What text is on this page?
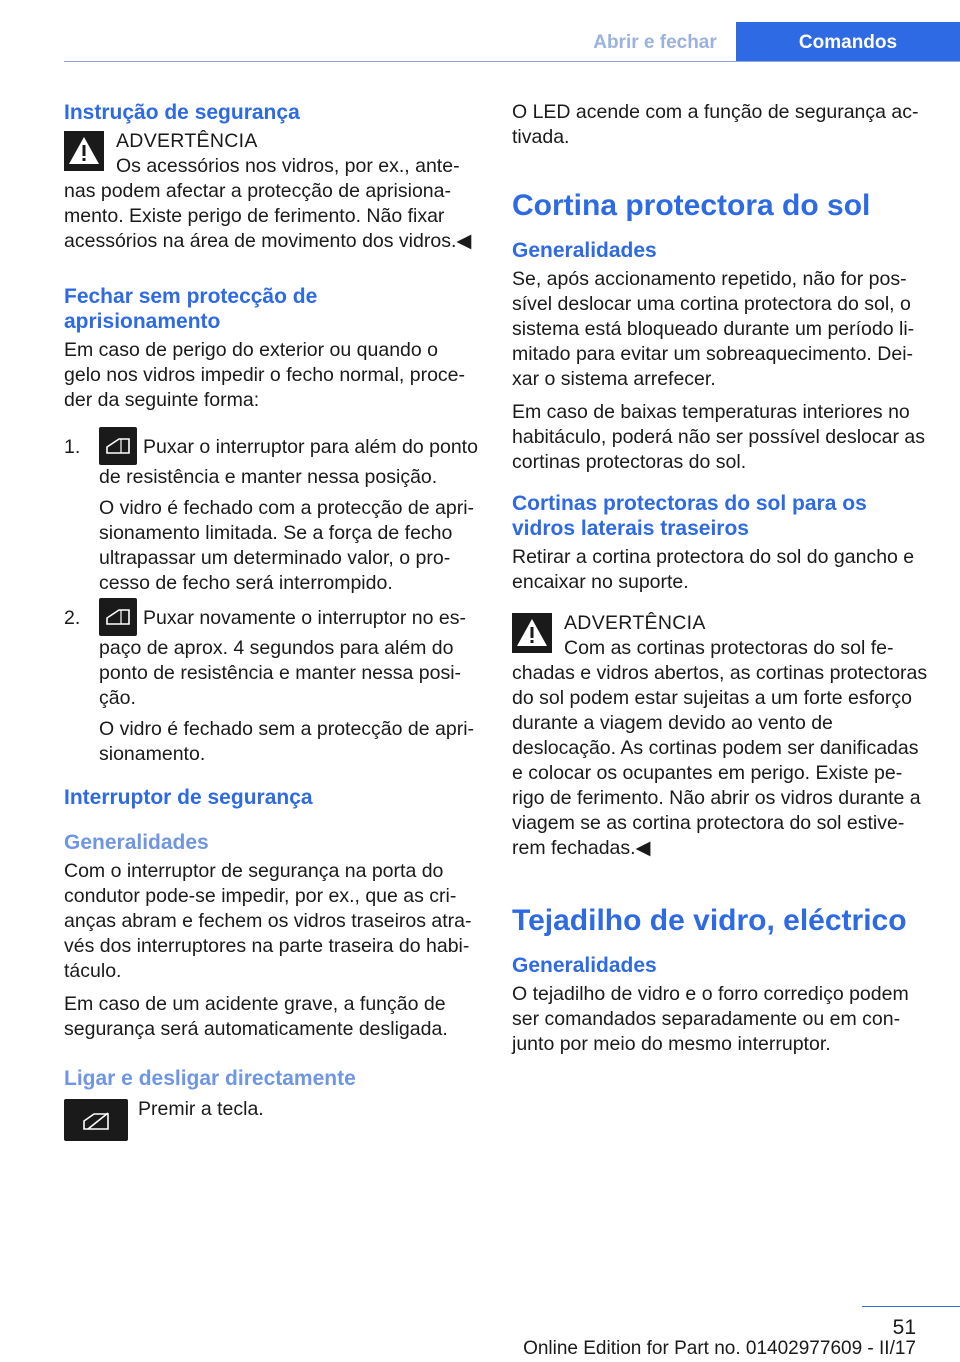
Abrir e fechar	Comandos
Instrução de segurança

ADVERTÊNCIA

Os acessórios nos vidros, por ex., antenas podem afectar a protecção de aprisionamento. Existe perigo de ferimento. Não fixar acessórios na área de movimento dos vidros.◀

Fechar sem protecção de aprisionamento

Em caso de perigo do exterior ou quando o gelo nos vidros impedir o fecho normal, proceder da seguinte forma:

1.	Puxar o interruptor para além do ponto de resistência e manter nessa posição.

O vidro é fechado com a protecção de aprisionamento limitada. Se a força de fecho ultrapassar um determinado valor, o processo de fecho será interrompido.

2.	Puxar novamente o interruptor no espaço de aprox. 4 segundos para além do ponto de resistência e manter nessa posição.

O vidro é fechado sem a protecção de aprisionamento.

Interruptor de segurança
Generalidades

Com o interruptor de segurança na porta do condutor pode-se impedir, por ex., que as crianças abram e fechem os vidros traseiros através dos interruptores na parte traseira do habitáculo.

Em caso de um acidente grave, a função de segurança será automaticamente desligada.

Ligar e desligar directamente

Premir a tecla.

O LED acende com a função de segurança activada.

Cortina protectora do sol
Generalidades

Se, após accionamento repetido, não for possível deslocar uma cortina protectora do sol, o sistema está bloqueado durante um período limitado para evitar um sobreaquecimento. Deixar o sistema arrefecer.

Em caso de baixas temperaturas interiores no habitáculo, poderá não ser possível deslocar as cortinas protectoras do sol.

Cortinas protectoras do sol para os vidros laterais traseiros

Retirar a cortina protectora do sol do gancho e encaixar no suporte.

ADVERTÊNCIA

Com as cortinas protectoras do sol fechadas e vidros abertos, as cortinas protectoras do sol podem estar sujeitas a um forte esforço durante a viagem devido ao vento de deslocação. As cortinas podem ser danificadas e colocar os ocupantes em perigo. Existe perigo de ferimento. Não abrir os vidros durante a viagem se as cortina protectora do sol estiverem fechadas.◀

Tejadilho de vidro, eléctrico
Generalidades

O tejadilho de vidro e o forro corrediço podem ser comandados separadamente ou em conjunto por meio do mesmo interruptor.

51
Online Edition for Part no. 01402977609 - II/17
